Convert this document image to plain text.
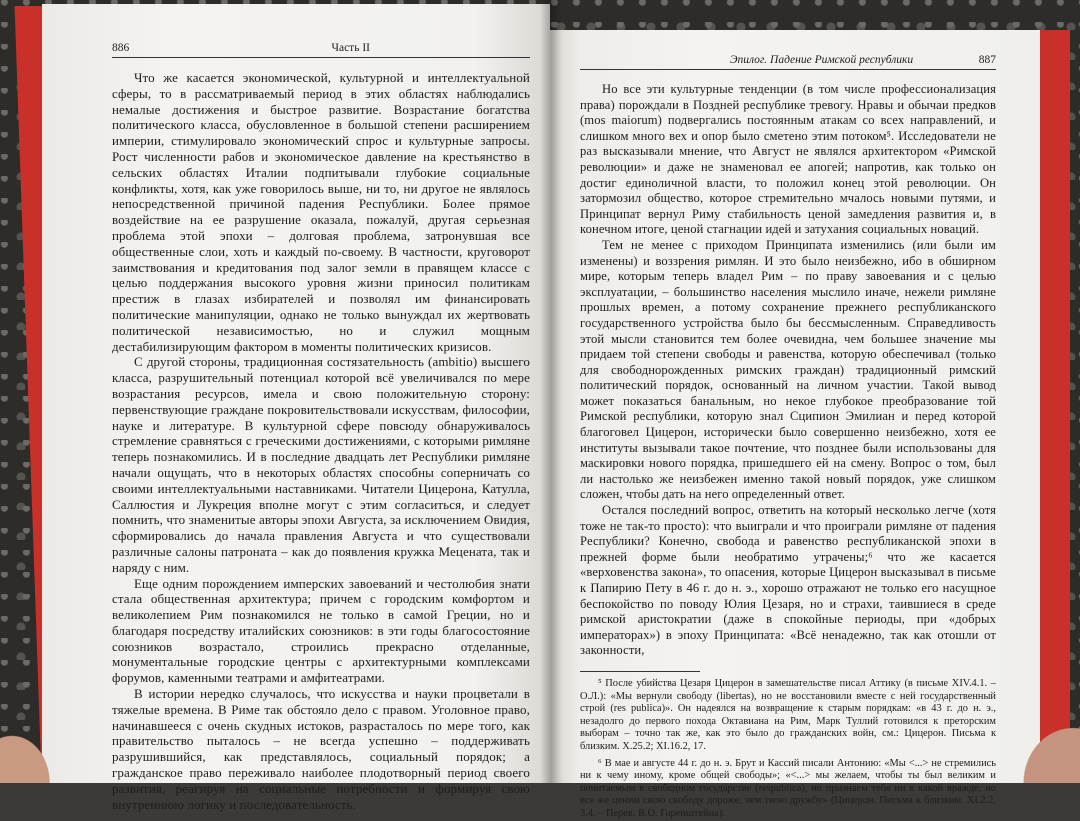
886	Часть II

Что же касается экономической, культурной и интеллектуальной сферы, то в рассматриваемый период в этих областях наблюдались немалые достижения и быстрое развитие. Возрастание богатства политического класса, обусловленное в большой степени расширением империи, стимулировало экономический спрос и культурные запросы. Рост численности рабов и экономическое давление на крестьянство в сельских областях Италии подпитывали глубокие социальные конфликты, хотя, как уже говорилось выше, ни то, ни другое не являлось непосредственной причиной падения Республики. Более прямое воздействие на ее разрушение оказала, пожалуй, другая серьезная проблема этой эпохи – долговая проблема, затронувшая все общественные слои, хоть и каждый по-своему. В частности, круговорот заимствования и кредитования под залог земли в правящем классе с целью поддержания высокого уровня жизни приносил политикам престиж в глазах избирателей и позволял им финансировать политические манипуляции, однако не только вынуждал их жертвовать политической независимостью, но и служил мощным дестабилизирующим фактором в моменты политических кризисов.

С другой стороны, традиционная состязательность (ambitio) высшего класса, разрушительный потенциал которой всё увеличивался по мере возрастания ресурсов, имела и свою положительную сторону: первенствующие граждане покровительствовали искусствам, философии, науке и литературе. В культурной сфере повсюду обнаруживалось стремление сравняться с греческими достижениями, с которыми римляне теперь познакомились. И в последние двадцать лет Республики римляне начали ощущать, что в некоторых областях способны соперничать со своими интеллектуальными наставниками. Читатели Цицерона, Катулла, Саллюстия и Лукреция вполне могут с этим согласиться, и следует помнить, что знаменитые авторы эпохи Августа, за исключением Овидия, сформировались до начала правления Августа и что существовали различные салоны патроната – как до появления кружка Мецената, так и наряду с ним.

Еще одним порождением имперских завоеваний и честолюбия знати стала общественная архитектура; причем с городским комфортом и великолепием Рим познакомился не только в самой Греции, но и благодаря посредству италийских союзников: в эти годы благосостояние союзников возрастало, строились прекрасно отделанные, монументальные городские центры с архитектурными комплексами форумов, каменными театрами и амфитеатрами.

В истории нередко случалось, что искусства и науки процветали в тяжелые времена. В Риме так обстояло дело с правом. Уголовное право, начинавшееся с очень скудных истоков, разрасталось по мере того, как правительство пыталось – не всегда успешно – поддерживать разрушившийся, как представлялось, социальный порядок; а гражданское право переживало наиболее плодотворный период своего развития, реагируя на социальные потребности и формируя свою внутреннюю логику и последовательность.

Эпилог. Падение Римской республики	887

Но все эти культурные тенденции (в том числе профессионализация права) порождали в Поздней республике тревогу. Нравы и обычаи предков (mos maiorum) подвергались постоянным атакам со всех направлений, и слишком много вех и опор было сметено этим потоком⁵. Исследователи не раз высказывали мнение, что Август не являлся архитектором «Римской революции» и даже не знаменовал ее апогей; напротив, как только он достиг единоличной власти, то положил конец этой революции. Он затормозил общество, которое стремительно мчалось новыми путями, и Принципат вернул Риму стабильность ценой замедления развития и, в конечном итоге, ценой стагнации идей и затухания социальных новаций.

Тем не менее с приходом Принципата изменились (или были им изменены) и воззрения римлян. И это было неизбежно, ибо в обширном мире, которым теперь владел Рим – по праву завоевания и с целью эксплуатации, – большинство населения мыслило иначе, нежели римляне прошлых времен, а потому сохранение прежнего республиканского государственного устройства было бы бессмысленным. Справедливость этой мысли становится тем более очевидна, чем большее значение мы придаем той степени свободы и равенства, которую обеспечивал (только для свободнорожденных римских граждан) традиционный римский политический порядок, основанный на личном участии. Такой вывод может показаться банальным, но некое глубокое преобразование той Римской республики, которую знал Сципион Эмилиан и перед которой благоговел Цицерон, исторически было совершенно неизбежно, хотя ее институты вызывали такое почтение, что позднее были использованы для маскировки нового порядка, пришедшего ей на смену. Вопрос о том, был ли настолько же неизбежен именно такой новый порядок, уже слишком сложен, чтобы дать на него определенный ответ.

Остался последний вопрос, ответить на который несколько легче (хотя тоже не так-то просто): что выиграли и что проиграли римляне от падения Республики? Конечно, свобода и равенство республиканской эпохи в прежней форме были необратимо утрачены;⁶ что же касается «верховенства закона», то опасения, которые Цицерон высказывал в письме к Папирию Пету в 46 г. до н. э., хорошо отражают не только его насущное беспокойство по поводу Юлия Цезаря, но и страхи, таившиеся в среде римской аристократии (даже в спокойные периоды, при «добрых императорах») в эпоху Принципата: «Всё ненадежно, так как отошли от законности,

⁵ После убийства Цезаря Цицерон в замешательстве писал Аттику (в письме XIV.4.1. – О.Л.): «Мы вернули свободу (libertas), но не восстановили вместе с ней государственный строй (res publica)». Он надеялся на возвращение к старым порядкам: «в 43 г. до н. э., незадолго до первого похода Октавиана на Рим, Марк Туллий готовился к преторским выборам – точно так же, как это было до гражданских войн, см.: Цицерон. Письма к близким. X.25.2; XI.16.2, 17.

⁶ В мае и августе 44 г. до н. э. Брут и Кассий писали Антонию: «Мы <...> не стремились ни к чему иному, кроме общей свободы»; «<...> мы желаем, чтобы ты был великим и почитаемым в свободном государстве (respublica), но признаем тебя ни к какой вражде, но все же ценим свою свободу дороже, чем твою дружбу» (Цицерон. Письма к близким. XI.2.2, 3.4. – Перев. В.О. Горенштейна).
